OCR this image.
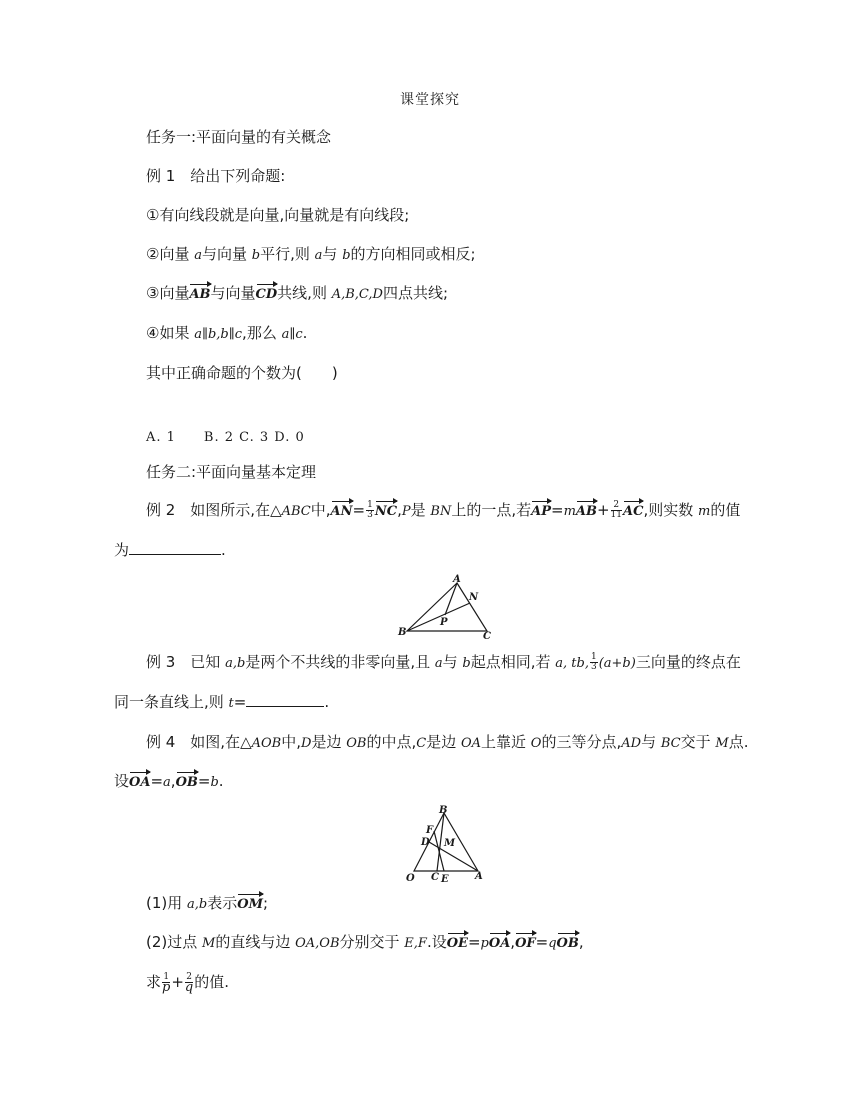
课堂探究
任务一:平面向量的有关概念
例 1　给出下列命题:
①有向线段就是向量,向量就是有向线段;
②向量 a与向量 b平行,则 a与 b的方向相同或相反;
③向量AB与向量CD共线,则 A,B,C,D四点共线;
④如果 a∥b,b∥c,那么 a∥c.
其中正确命题的个数为(　　)
A. 1　　B. 2 C. 3 D. 0
任务二:平面向量基本定理
例 2　如图所示,在△ABC中$,AN= \frac{1}{3} NC,P$是 BN上的一点,若$AP=mAB+ \frac{2}{11}$ AC,则实数 m的值
为	.
A
B	C
N
P
例 3　已知 a,b是两个不共线的非零向量,且 a与 b起点相同,若 a, tb, $\frac{1}{3} (a+b)$三向量的终点在
同一条直线上,则 t=	.
例 4　如图,在△AOB中,D是边 OB的中点,C是边 OA上靠近 O的三等分点,AD与 BC交于 M点.
设OA=a,OB=b.
B
F
D M
O C E	A
(1)用 a,b表示OM;
(2)过点 M的直线与边 OA,OB分别交于 E,F.设OE=pOA,OF=qOB,
求 $\frac{1}{p} + \frac{2}{q}$ 的值.
